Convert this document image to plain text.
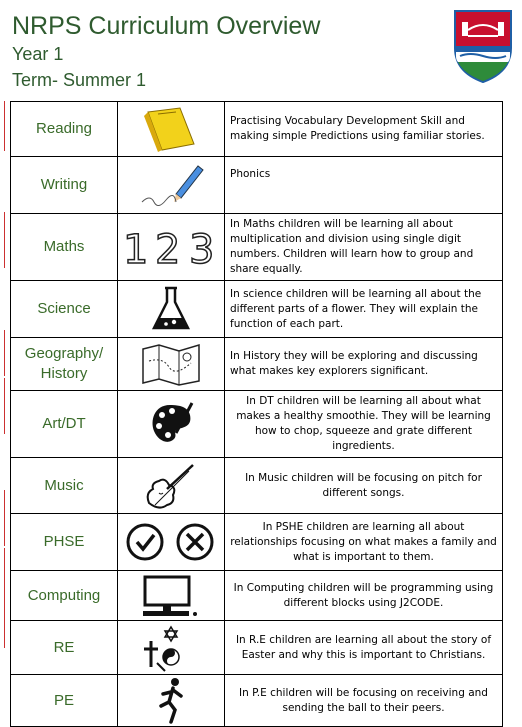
NRPS Curriculum Overview
Year 1
Term- Summer 1
Reading		Practising Vocabulary Development Skill and making simple Predictions using familiar stories.
Writing		Phonics
Maths	1 2 3	In Maths children will be learning all about multiplication and division using single digit numbers. Children will learn how to group and share equally.
Science		In science children will be learning all about the different parts of a flower. They will explain the function of each part.
Geography/ History		In History they will be exploring and discussing what makes key explorers significant.
Art/DT		In DT children will be learning all about what makes a healthy smoothie. They will be learning how to chop, squeeze and grate different ingredients.
Music		In Music children will be focusing on pitch for different songs.
PHSE		In PSHE children are learning all about relationships focusing on what makes a family and what is important to them.
Computing		In Computing children will be programming using different blocks using J2CODE.
RE		In R.E children are learning all about the story of Easter and why this is important to Christians.
PE		In P.E children will be focusing on receiving and sending the ball to their peers.
